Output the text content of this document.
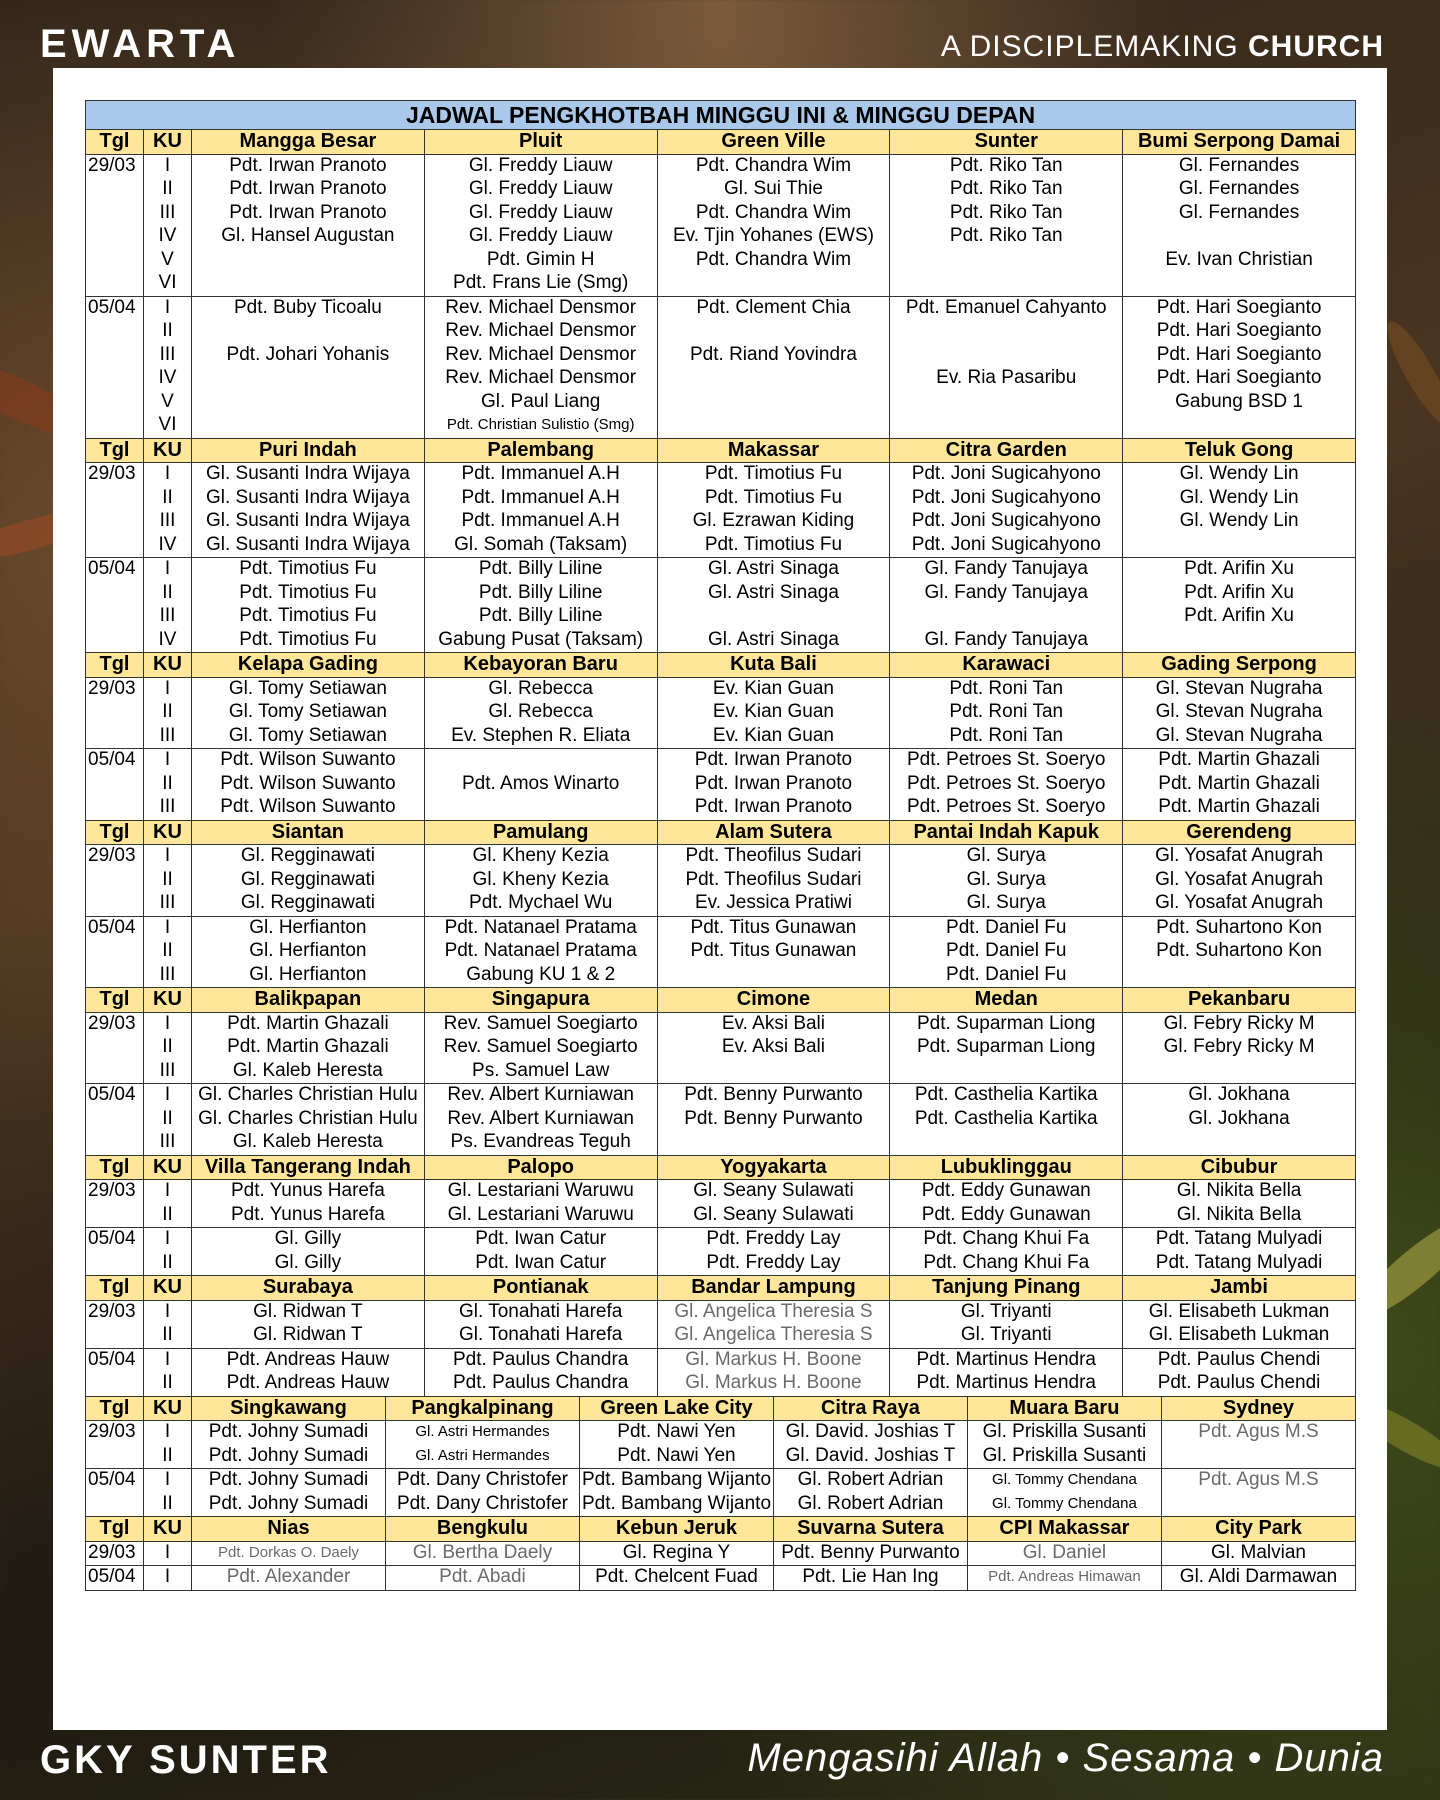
EWARTA	A DISCIPLEMAKING CHURCH
JADWAL PENGKHOTBAH MINGGU INI & MINGGU DEPAN											
Tgl	KU	Mangga Besar		Pluit		Green Ville		Sunter		Bumi Serpong Damai	
29/03	I	Pdt. Irwan Pranoto		Gl. Freddy Liauw		Pdt. Chandra Wim		Pdt. Riko Tan		Gl. Fernandes	
	II	Pdt. Irwan Pranoto		Gl. Freddy Liauw		Gl. Sui Thie		Pdt. Riko Tan		Gl. Fernandes	
	III	Pdt. Irwan Pranoto		Gl. Freddy Liauw		Pdt. Chandra Wim		Pdt. Riko Tan		Gl. Fernandes	
	IV	Gl. Hansel Augustan		Gl. Freddy Liauw		Ev. Tjin Yohanes (EWS)		Pdt. Riko Tan			
	V			Pdt. Gimin H		Pdt. Chandra Wim				Ev. Ivan Christian	
	VI			Pdt. Frans Lie (Smg)							
05/04	I	Pdt. Buby Ticoalu		Rev. Michael Densmor		Pdt. Clement Chia		Pdt. Emanuel Cahyanto		Pdt. Hari Soegianto	
	II			Rev. Michael Densmor						Pdt. Hari Soegianto	
	III	Pdt. Johari Yohanis		Rev. Michael Densmor		Pdt. Riand Yovindra				Pdt. Hari Soegianto	
	IV			Rev. Michael Densmor				Ev. Ria Pasaribu		Pdt. Hari Soegianto	
	V			Gl. Paul Liang						Gabung BSD 1	
	VI			Pdt. Christian Sulistio (Smg)							
Tgl	KU	Puri Indah		Palembang		Makassar		Citra Garden		Teluk Gong	
29/03	I	Gl. Susanti Indra Wijaya		Pdt. Immanuel A.H		Pdt. Timotius Fu		Pdt. Joni Sugicahyono		Gl. Wendy Lin	
	II	Gl. Susanti Indra Wijaya		Pdt. Immanuel A.H		Pdt. Timotius Fu		Pdt. Joni Sugicahyono		Gl. Wendy Lin	
	III	Gl. Susanti Indra Wijaya		Pdt. Immanuel A.H		Gl. Ezrawan Kiding		Pdt. Joni Sugicahyono		Gl. Wendy Lin	
	IV	Gl. Susanti Indra Wijaya		Gl. Somah (Taksam)		Pdt. Timotius Fu		Pdt. Joni Sugicahyono			
05/04	I	Pdt. Timotius Fu		Pdt. Billy Liline		Gl. Astri Sinaga		Gl. Fandy Tanujaya		Pdt. Arifin Xu	
	II	Pdt. Timotius Fu		Pdt. Billy Liline		Gl. Astri Sinaga		Gl. Fandy Tanujaya		Pdt. Arifin Xu	
	III	Pdt. Timotius Fu		Pdt. Billy Liline						Pdt. Arifin Xu	
	IV	Pdt. Timotius Fu		Gabung Pusat (Taksam)		Gl. Astri Sinaga		Gl. Fandy Tanujaya			
Tgl	KU	Kelapa Gading		Kebayoran Baru		Kuta Bali		Karawaci		Gading Serpong	
29/03	I	Gl. Tomy Setiawan		Gl. Rebecca		Ev. Kian Guan		Pdt. Roni Tan		Gl. Stevan Nugraha	
	II	Gl. Tomy Setiawan		Gl. Rebecca		Ev. Kian Guan		Pdt. Roni Tan		Gl. Stevan Nugraha	
	III	Gl. Tomy Setiawan		Ev. Stephen R. Eliata		Ev. Kian Guan		Pdt. Roni Tan		Gl. Stevan Nugraha	
05/04	I	Pdt. Wilson Suwanto				Pdt. Irwan Pranoto		Pdt. Petroes St. Soeryo		Pdt. Martin Ghazali	
	II	Pdt. Wilson Suwanto		Pdt. Amos Winarto		Pdt. Irwan Pranoto		Pdt. Petroes St. Soeryo		Pdt. Martin Ghazali	
	III	Pdt. Wilson Suwanto				Pdt. Irwan Pranoto		Pdt. Petroes St. Soeryo		Pdt. Martin Ghazali	
Tgl	KU	Siantan		Pamulang		Alam Sutera		Pantai Indah Kapuk		Gerendeng	
29/03	I	Gl. Regginawati		Gl. Kheny Kezia		Pdt. Theofilus Sudari		Gl. Surya		Gl. Yosafat Anugrah	
	II	Gl. Regginawati		Gl. Kheny Kezia		Pdt. Theofilus Sudari		Gl. Surya		Gl. Yosafat Anugrah	
	III	Gl. Regginawati		Pdt. Mychael Wu		Ev. Jessica Pratiwi		Gl. Surya		Gl. Yosafat Anugrah	
05/04	I	Gl. Herfianton		Pdt. Natanael Pratama		Pdt. Titus Gunawan		Pdt. Daniel Fu		Pdt. Suhartono Kon	
	II	Gl. Herfianton		Pdt. Natanael Pratama		Pdt. Titus Gunawan		Pdt. Daniel Fu		Pdt. Suhartono Kon	
	III	Gl. Herfianton		Gabung KU 1 & 2				Pdt. Daniel Fu			
Tgl	KU	Balikpapan		Singapura		Cimone		Medan		Pekanbaru	
29/03	I	Pdt. Martin Ghazali		Rev. Samuel Soegiarto		Ev. Aksi Bali		Pdt. Suparman Liong		Gl. Febry Ricky M	
	II	Pdt. Martin Ghazali		Rev. Samuel Soegiarto		Ev. Aksi Bali		Pdt. Suparman Liong		Gl. Febry Ricky M	
	III	Gl. Kaleb Heresta		Ps. Samuel Law							
05/04	I	Gl. Charles Christian Hulu		Rev. Albert Kurniawan		Pdt. Benny Purwanto		Pdt. Casthelia Kartika		Gl. Jokhana	
	II	Gl. Charles Christian Hulu		Rev. Albert Kurniawan		Pdt. Benny Purwanto		Pdt. Casthelia Kartika		Gl. Jokhana	
	III	Gl. Kaleb Heresta		Ps. Evandreas Teguh							
Tgl	KU	Villa Tangerang Indah		Palopo		Yogyakarta		Lubuklinggau		Cibubur	
29/03	I	Pdt. Yunus Harefa		Gl. Lestariani Waruwu		Gl. Seany Sulawati		Pdt. Eddy Gunawan		Gl. Nikita Bella	
	II	Pdt. Yunus Harefa		Gl. Lestariani Waruwu		Gl. Seany Sulawati		Pdt. Eddy Gunawan		Gl. Nikita Bella	
05/04	I	Gl. Gilly		Pdt. Iwan Catur		Pdt. Freddy Lay		Pdt. Chang Khui Fa		Pdt. Tatang Mulyadi	
	II	Gl. Gilly		Pdt. Iwan Catur		Pdt. Freddy Lay		Pdt. Chang Khui Fa		Pdt. Tatang Mulyadi	
Tgl	KU	Surabaya		Pontianak		Bandar Lampung		Tanjung Pinang		Jambi	
29/03	I	Gl. Ridwan T		Gl. Tonahati Harefa		Gl. Angelica Theresia S		Gl. Triyanti		Gl. Elisabeth Lukman	
	II	Gl. Ridwan T		Gl. Tonahati Harefa		Gl. Angelica Theresia S		Gl. Triyanti		Gl. Elisabeth Lukman	
05/04	I	Pdt. Andreas Hauw		Pdt. Paulus Chandra		Gl. Markus H. Boone		Pdt. Martinus Hendra		Pdt. Paulus Chendi	
	II	Pdt. Andreas Hauw		Pdt. Paulus Chandra		Gl. Markus H. Boone		Pdt. Martinus Hendra		Pdt. Paulus Chendi	
Tgl	KU	Singkawang	Pangkalpinang		Green Lake City		Citra Raya		Muara Baru		Sydney
29/03	I	Pdt. Johny Sumadi	Gl. Astri Hermandes		Pdt. Nawi Yen		Gl. David. Joshias T		Gl. Priskilla Susanti		Pdt. Agus M.S
	II	Pdt. Johny Sumadi	Gl. Astri Hermandes		Pdt. Nawi Yen		Gl. David. Joshias T		Gl. Priskilla Susanti		
05/04	I	Pdt. Johny Sumadi	Pdt. Dany Christofer		Pdt. Bambang Wijanto		Gl. Robert Adrian		Gl. Tommy Chendana		Pdt. Agus M.S
	II	Pdt. Johny Sumadi	Pdt. Dany Christofer		Pdt. Bambang Wijanto		Gl. Robert Adrian		Gl. Tommy Chendana		
Tgl	KU	Nias	Bengkulu		Kebun Jeruk		Suvarna Sutera		CPI Makassar		City Park
29/03	I	Pdt. Dorkas O. Daely	Gl. Bertha Daely		Gl. Regina Y		Pdt. Benny Purwanto		Gl. Daniel		Gl. Malvian
05/04	I	Pdt. Alexander	Pdt. Abadi		Pdt. Chelcent Fuad		Pdt. Lie Han Ing		Pdt. Andreas Himawan		Gl. Aldi Darmawan
GKY SUNTER	Mengasihi Allah • Sesama • Dunia
